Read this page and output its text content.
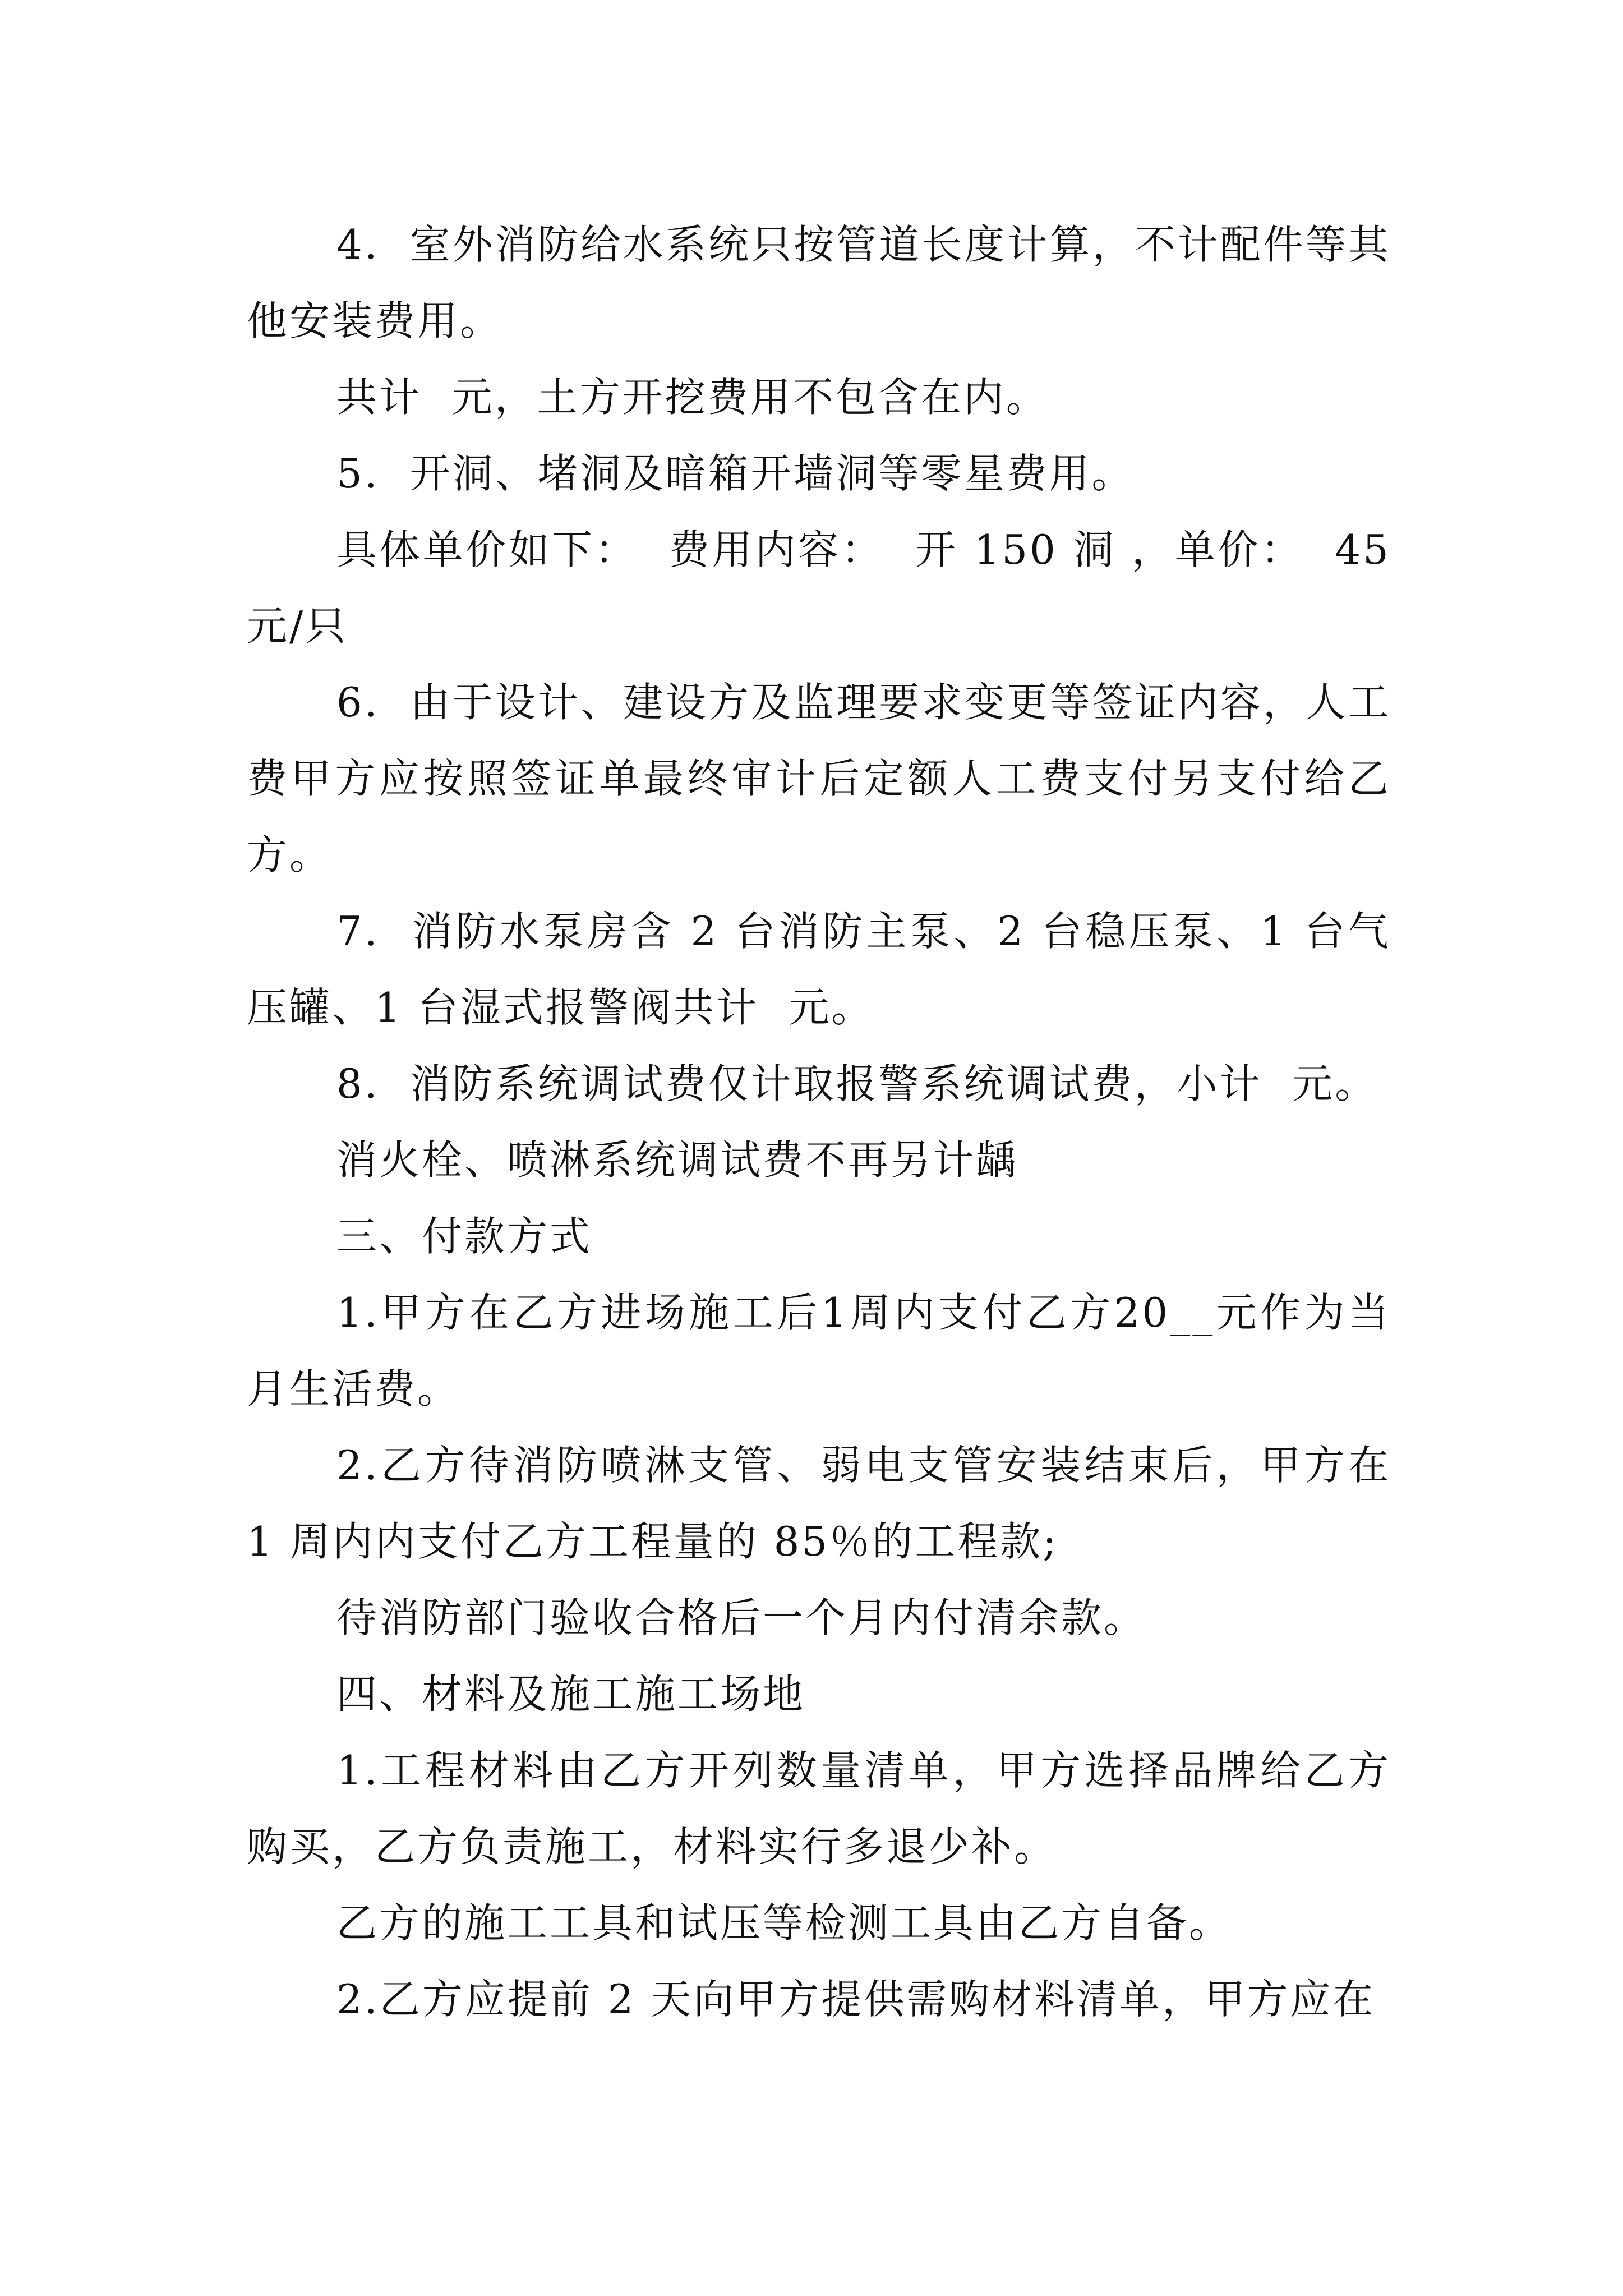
4.  室外消防给水系统只按管道长度计算，不计配件等其他安装费用。

共计  元，土方开挖费用不包含在内。

5.  开洞、堵洞及暗箱开墙洞等零星费用。

具体单价如下：  费用内容：  开 150 洞 ，单价：  45 元/只

6.  由于设计、建设方及监理要求变更等签证内容，人工费甲方应按照签证单最终审计后定额人工费支付另支付给乙方。

7.  消防水泵房含 2 台消防主泵、2 台稳压泵、1 台气压罐、1 台湿式报警阀共计  元。

8.  消防系统调试费仅计取报警系统调试费，小计  元。

消火栓、喷淋系统调试费不再另计龋

三、付款方式

1.甲方在乙方进场施工后1周内支付乙方20__元作为当月生活费。

2.乙方待消防喷淋支管、弱电支管安装结束后，甲方在 1 周内内支付乙方工程量的 85％的工程款;

待消防部门验收合格后一个月内付清余款。

四、材料及施工施工场地

1.工程材料由乙方开列数量清单，甲方选择品牌给乙方购买，乙方负责施工，材料实行多退少补。

乙方的施工工具和试压等检测工具由乙方自备。

2.乙方应提前 2 天向甲方提供需购材料清单，甲方应在
